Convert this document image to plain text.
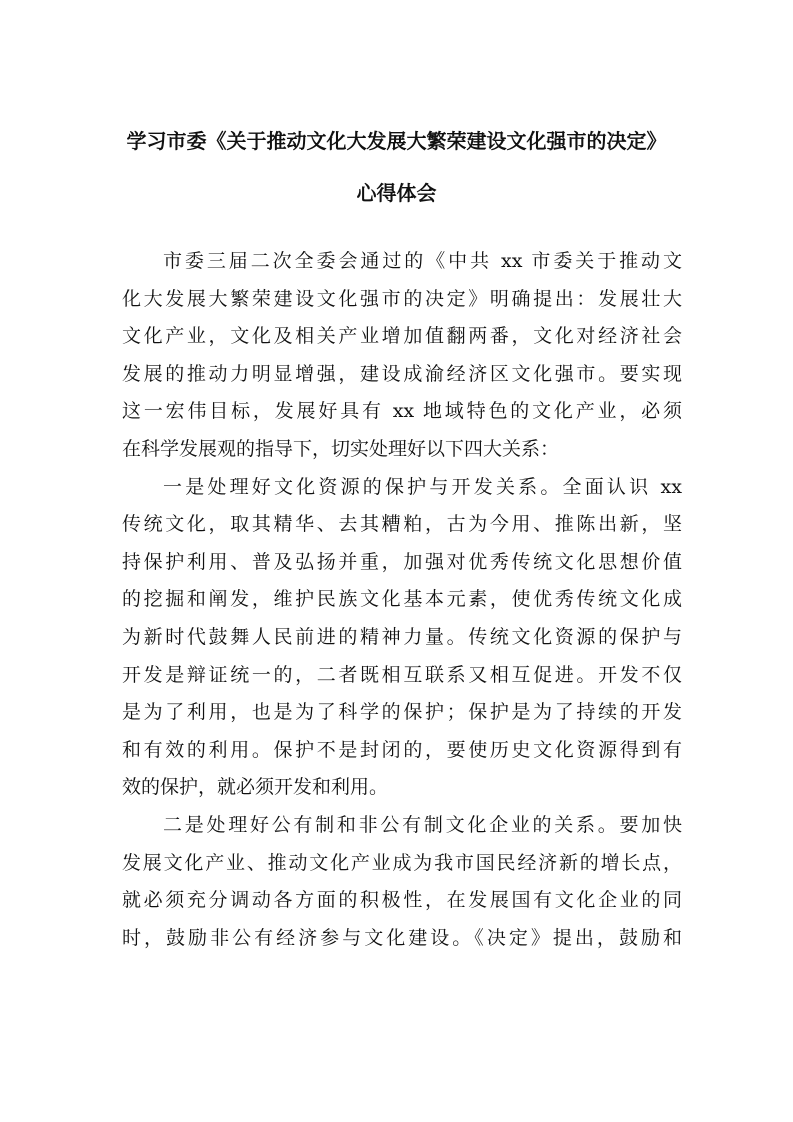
学习市委《关于推动文化大发展大繁荣建设文化强市的决定》
心得体会
市委三届二次全委会通过的《中共 xx 市委关于推动文
化大发展大繁荣建设文化强市的决定》明确提出：发展壮大
文化产业，文化及相关产业增加值翻两番，文化对经济社会
发展的推动力明显增强，建设成渝经济区文化强市。要实现
这一宏伟目标，发展好具有 xx 地域特色的文化产业，必须
在科学发展观的指导下，切实处理好以下四大关系：
一是处理好文化资源的保护与开发关系。全面认识 xx
传统文化，取其精华、去其糟粕，古为今用、推陈出新，坚
持保护利用、普及弘扬并重，加强对优秀传统文化思想价值
的挖掘和阐发，维护民族文化基本元素，使优秀传统文化成
为新时代鼓舞人民前进的精神力量。传统文化资源的保护与
开发是辩证统一的，二者既相互联系又相互促进。开发不仅
是为了利用，也是为了科学的保护；保护是为了持续的开发
和有效的利用。保护不是封闭的，要使历史文化资源得到有
效的保护，就必须开发和利用。
二是处理好公有制和非公有制文化企业的关系。要加快
发展文化产业、推动文化产业成为我市国民经济新的增长点，
就必须充分调动各方面的积极性，在发展国有文化企业的同
时，鼓励非公有经济参与文化建设。《决定》提出，鼓励和
